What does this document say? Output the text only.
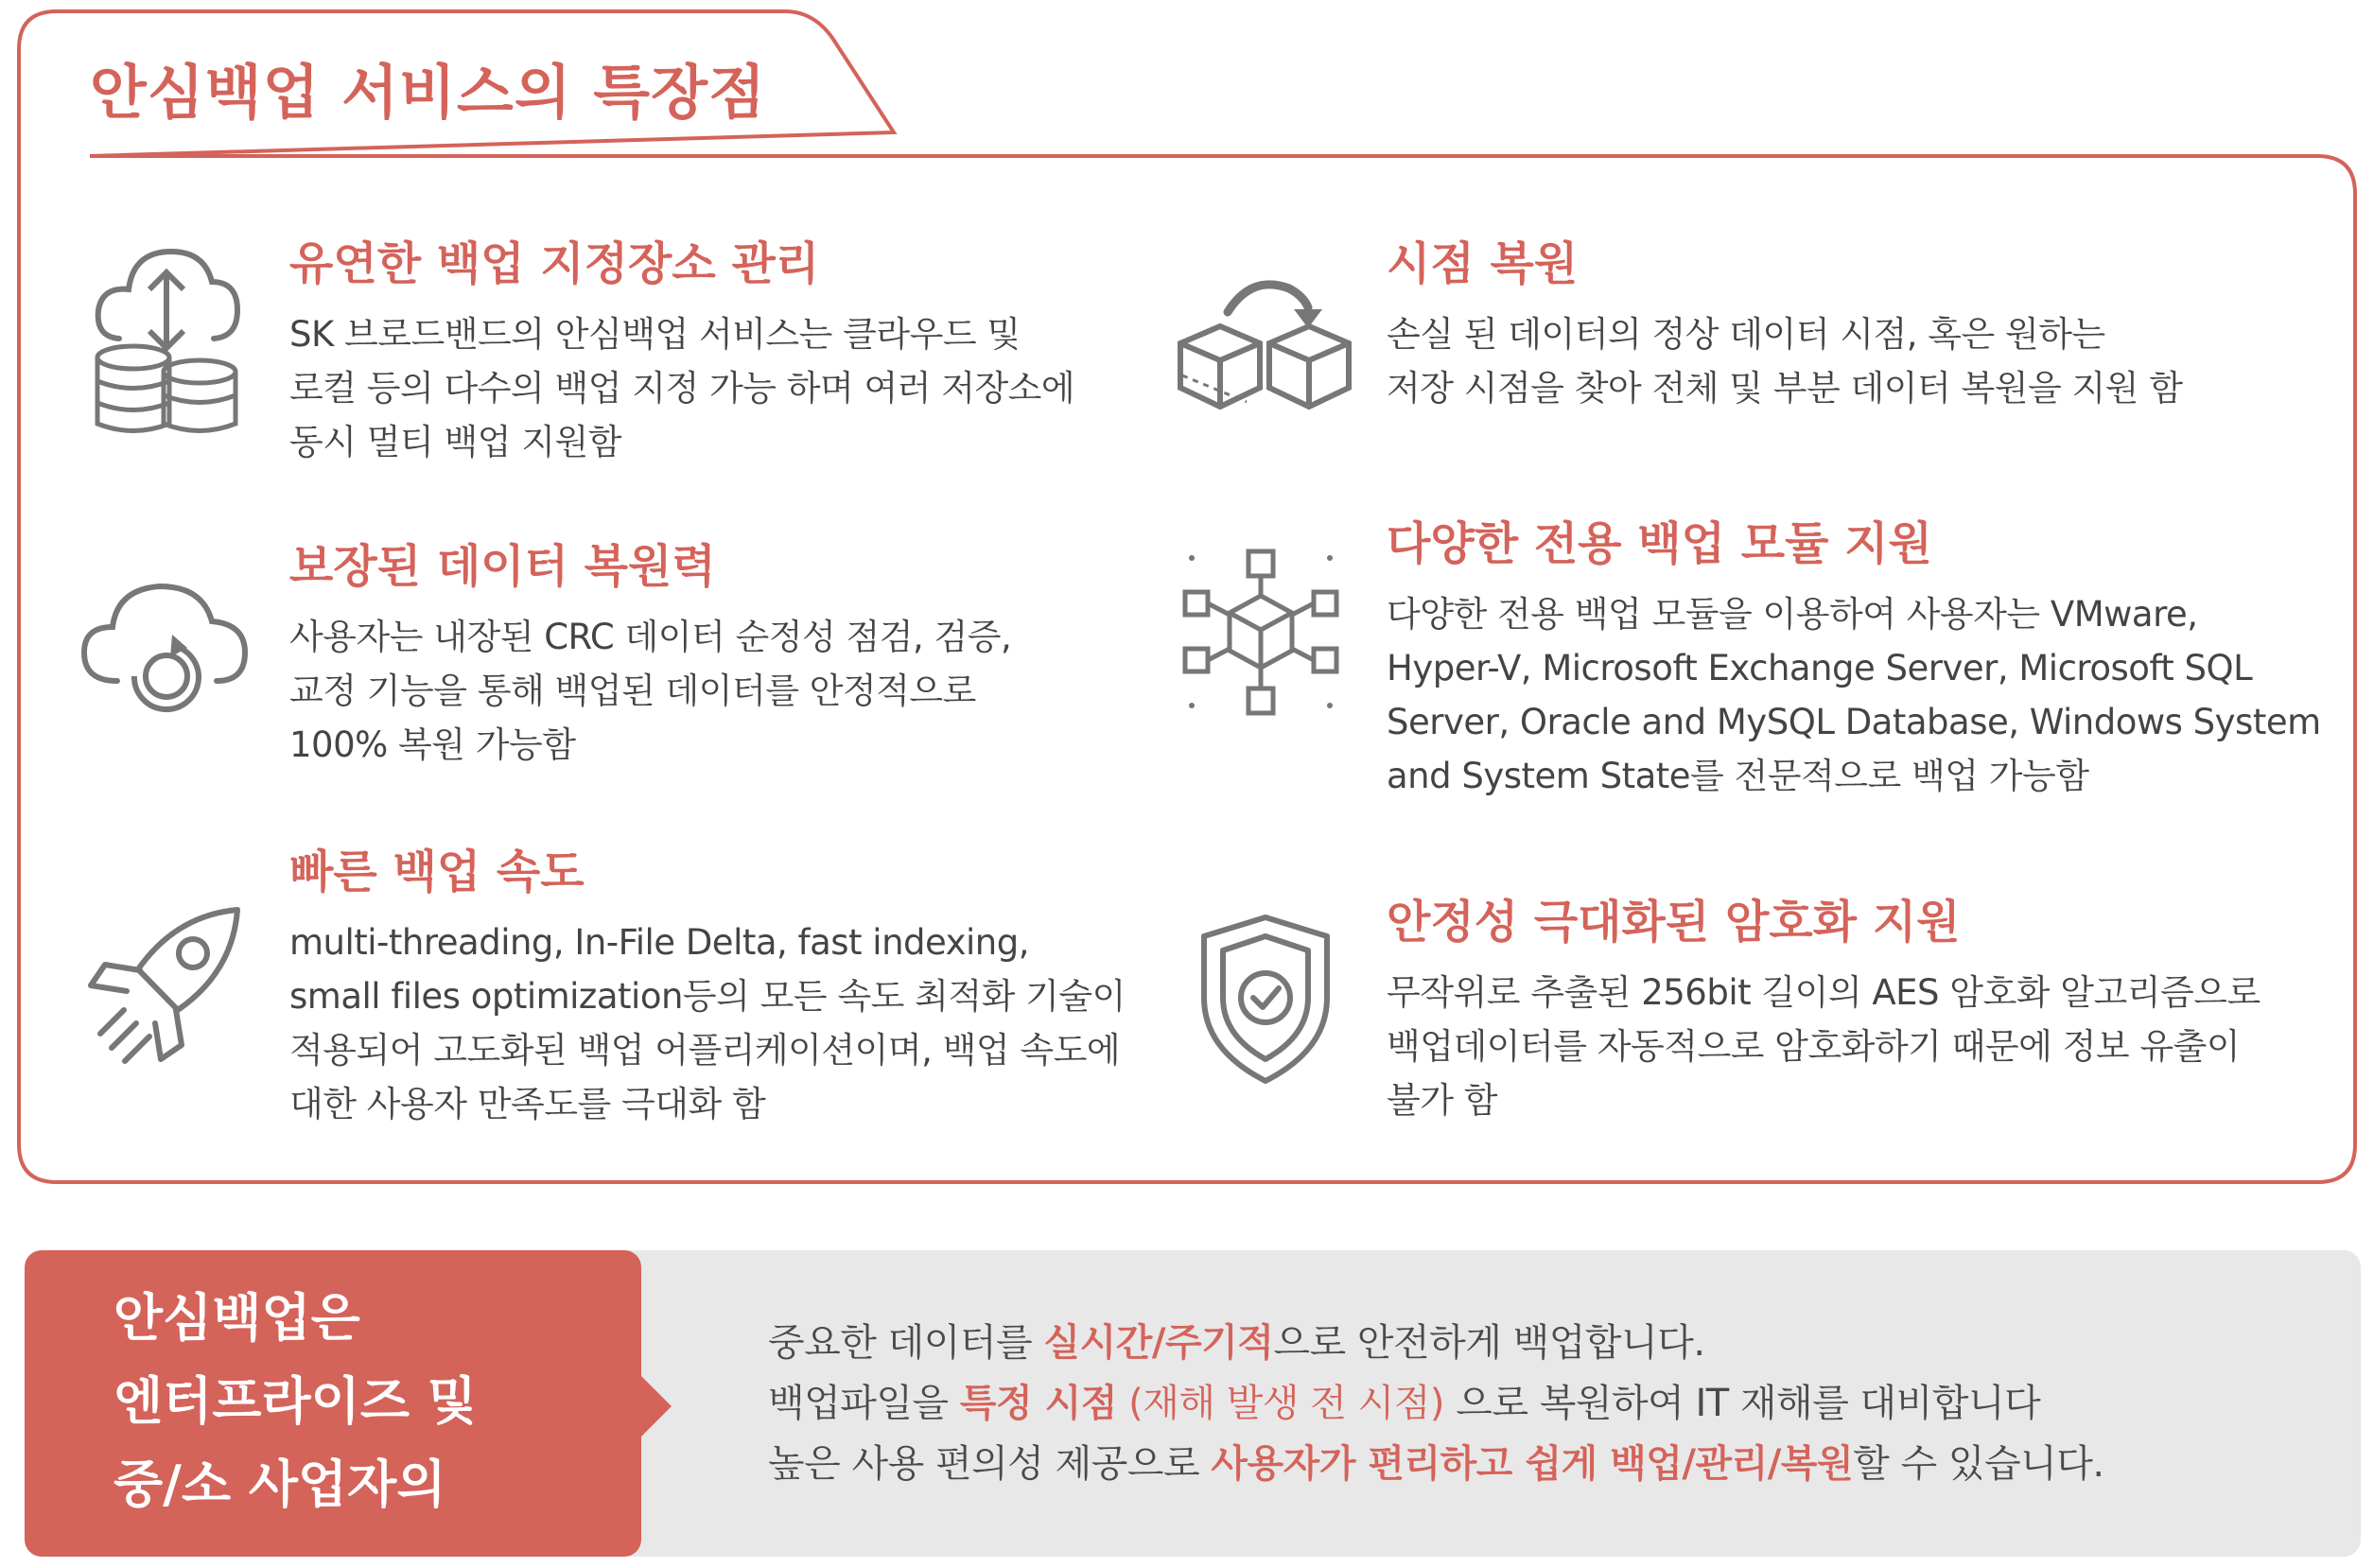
안심백업 서비스의 특장점
유연한 백업 지정장소 관리

SK 브로드밴드의 안심백업 서비스는 클라우드 및
로컬 등의 다수의 백업 지정 가능 하며 여러 저장소에
동시 멀티 백업 지원함

시점 복원

손실 된 데이터의 정상 데이터 시점, 혹은 원하는
저장 시점을 찾아 전체 및 부분 데이터 복원을 지원 함

보장된 데이터 복원력

사용자는 내장된 CRC 데이터 순정성 점검, 검증,
교정 기능을 통해 백업된 데이터를 안정적으로
100% 복원 가능함

다양한 전용 백업 모듈 지원

다양한 전용 백업 모듈을 이용하여 사용자는 VMware,
Hyper-V, Microsoft Exchange Server, Microsoft SQL
Server, Oracle and MySQL Database, Windows System
and System State를 전문적으로 백업 가능함

빠른 백업 속도

multi-threading, In-File Delta, fast indexing,
small files optimization등의 모든 속도 최적화 기술이
적용되어 고도화된 백업 어플리케이션이며, 백업 속도에
대한 사용자 만족도를 극대화 함

안정성 극대화된 암호화 지원

무작위로 추출된 256bit 길이의 AES 암호화 알고리즘으로
백업데이터를 자동적으로 암호화하기 때문에 정보 유출이
불가 함

안심백업은
엔터프라이즈 및
중/소 사업자의
중요한 데이터를 실시간/주기적으로 안전하게 백업합니다.
백업파일을 특정 시점 (재해 발생 전 시점) 으로 복원하여 IT 재해를 대비합니다
높은 사용 편의성 제공으로 사용자가 편리하고 쉽게 백업/관리/복원할 수 있습니다.
